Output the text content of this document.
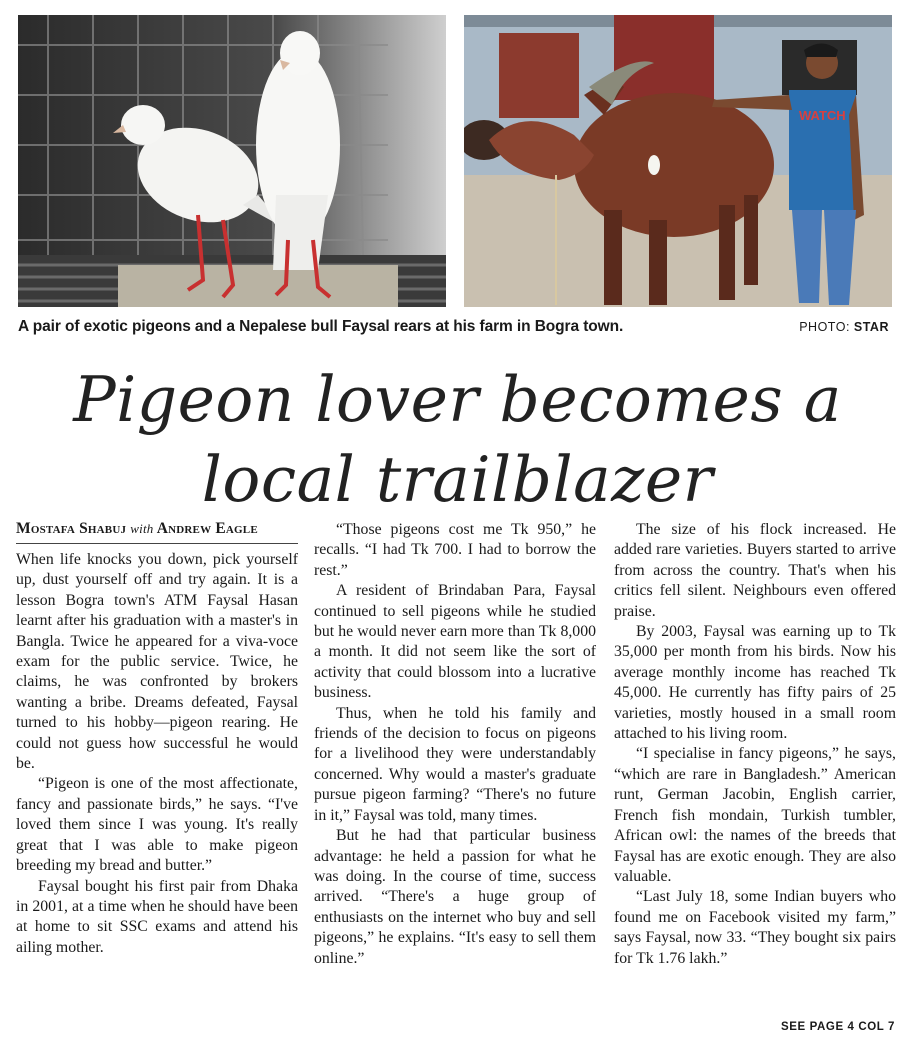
WATCH
A pair of exotic pigeons and a Nepalese bull Faysal rears at his farm in Bogra town.	PHOTO: STAR
Pigeon lover becomes a
local trailblazer
Mostafa Shabuj with Andrew Eagle

When life knocks you down, pick yourself up, dust yourself off and try again. It is a lesson Bogra town's ATM Faysal Hasan learnt after his graduation with a master's in Bangla. Twice he appeared for a viva-voce exam for the public service. Twice, he claims, he was confronted by brokers wanting a bribe. Dreams defeated, Faysal turned to his hobby—pigeon rearing. He could not guess how successful he would be.

“Pigeon is one of the most affectionate, fancy and passionate birds,” he says. “I've loved them since I was young. It's really great that I was able to make pigeon breeding my bread and butter.”

Faysal bought his first pair from Dhaka in 2001, at a time when he should have been at home to sit SSC exams and attend his ailing mother.

“Those pigeons cost me Tk 950,” he recalls. “I had Tk 700. I had to borrow the rest.”

A resident of Brindaban Para, Faysal continued to sell pigeons while he studied but he would never earn more than Tk 8,000 a month. It did not seem like the sort of activity that could blossom into a lucrative business.

Thus, when he told his family and friends of the decision to focus on pigeons for a livelihood they were understandably concerned. Why would a master's graduate pursue pigeon farming? “There's no future in it,” Faysal was told, many times.

But he had that particular business advantage: he held a passion for what he was doing. In the course of time, success arrived. “There's a huge group of enthusiasts on the internet who buy and sell pigeons,” he explains. “It's easy to sell them online.”

The size of his flock increased. He added rare varieties. Buyers started to arrive from across the country. That's when his critics fell silent. Neighbours even offered praise.

By 2003, Faysal was earning up to Tk 35,000 per month from his birds. Now his average monthly income has reached Tk 45,000. He currently has fifty pairs of 25 varieties, mostly housed in a small room attached to his living room.

“I specialise in fancy pigeons,” he says, “which are rare in Bangladesh.” American runt, German Jacobin, English carrier, French fish mondain, Turkish tumbler, African owl: the names of the breeds that Faysal has are exotic enough. They are also valuable.

“Last July 18, some Indian buyers who found me on Facebook visited my farm,” says Faysal, now 33. “They bought six pairs for Tk 1.76 lakh.”

SEE PAGE 4 COL 7
